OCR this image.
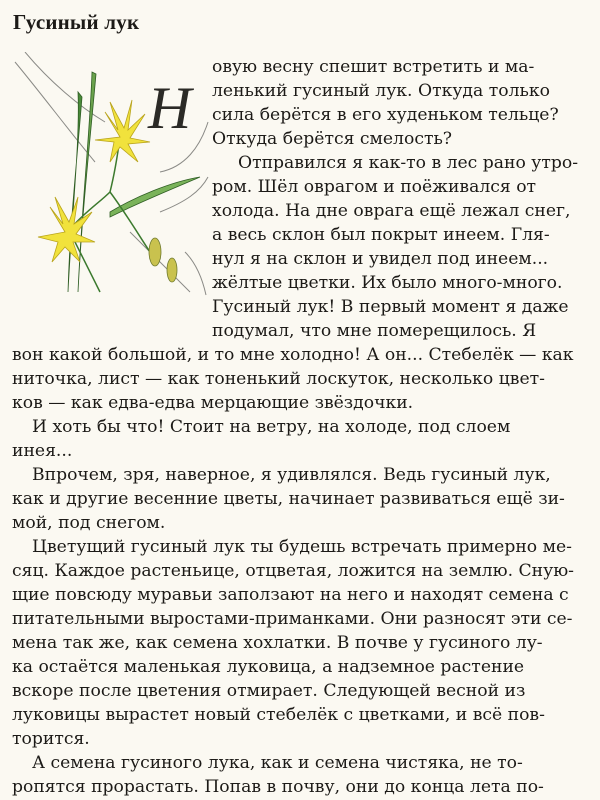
Гусиный лук
Н
овую весну спешит встретить и ма-
ленький гусиный лук. Откуда только
сила берётся в его худеньком тельце?
Откуда берётся смелость?
Отправился я как-то в лес рано утро-
ром. Шёл оврагом и поёживался от
холода. На дне оврага ещё лежал снег,
а весь склон был покрыт инеем. Гля-
нул я на склон и увидел под инеем...
жёлтые цветки. Их было много-много.
Гусиный лук! В первый момент я даже
подумал, что мне померещилось. Я
вон какой большой, и то мне холодно! А он... Стебелёк — как
ниточка, лист — как тоненький лоскуток, несколько цвет-
ков — как едва-едва мерцающие звёздочки.
И хоть бы что! Стоит на ветру, на холоде, под слоем
инея...
Впрочем, зря, наверное, я удивлялся. Ведь гусиный лук,
как и другие весенние цветы, начинает развиваться ещё зи-
мой, под снегом.
Цветущий гусиный лук ты будешь встречать примерно ме-
сяц. Каждое растеньице, отцветая, ложится на землю. Сную-
щие повсюду муравьи заползают на него и находят семена с
питательными выростами-приманками. Они разносят эти се-
мена так же, как семена хохлатки. В почве у гусиного лу-
ка остаётся маленькая луковица, а надземное растение
вскоре после цветения отмирает. Следующей весной из
луковицы вырастет новый стебелёк с цветками, и всё пов-
торится.
А семена гусиного лука, как и семена чистяка, не то-
ропятся прорастать. Попав в почву, они до конца лета по-
